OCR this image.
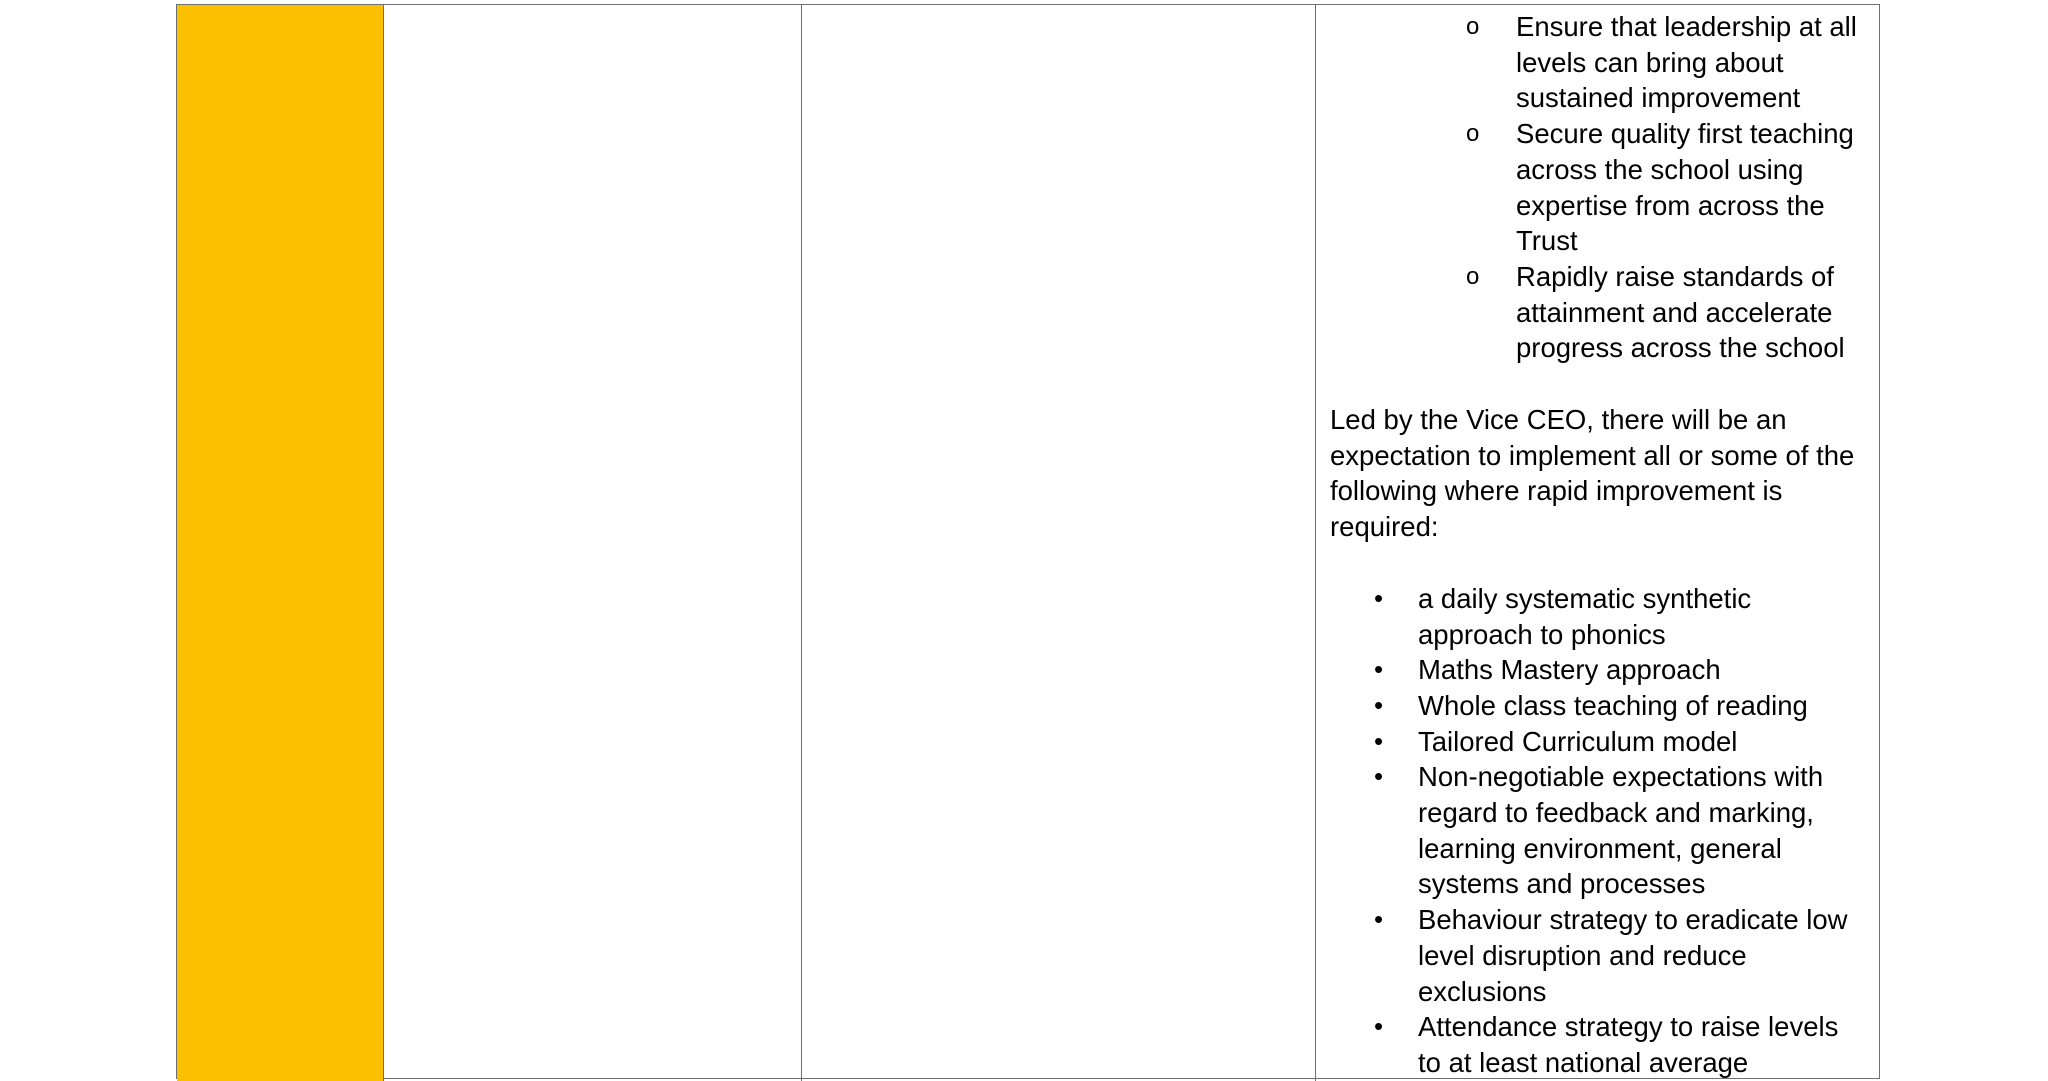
o Ensure that leadership at all levels can bring about sustained improvement
o Secure quality first teaching across the school using expertise from across the Trust
o Rapidly raise standards of attainment and accelerate progress across the school

Led by the Vice CEO, there will be an expectation to implement all or some of the following where rapid improvement is required:

• a daily systematic synthetic approach to phonics
• Maths Mastery approach
• Whole class teaching of reading
• Tailored Curriculum model
• Non-negotiable expectations with regard to feedback and marking, learning environment, general systems and processes
• Behaviour strategy to eradicate low level disruption and reduce exclusions
• Attendance strategy to raise levels to at least national average
